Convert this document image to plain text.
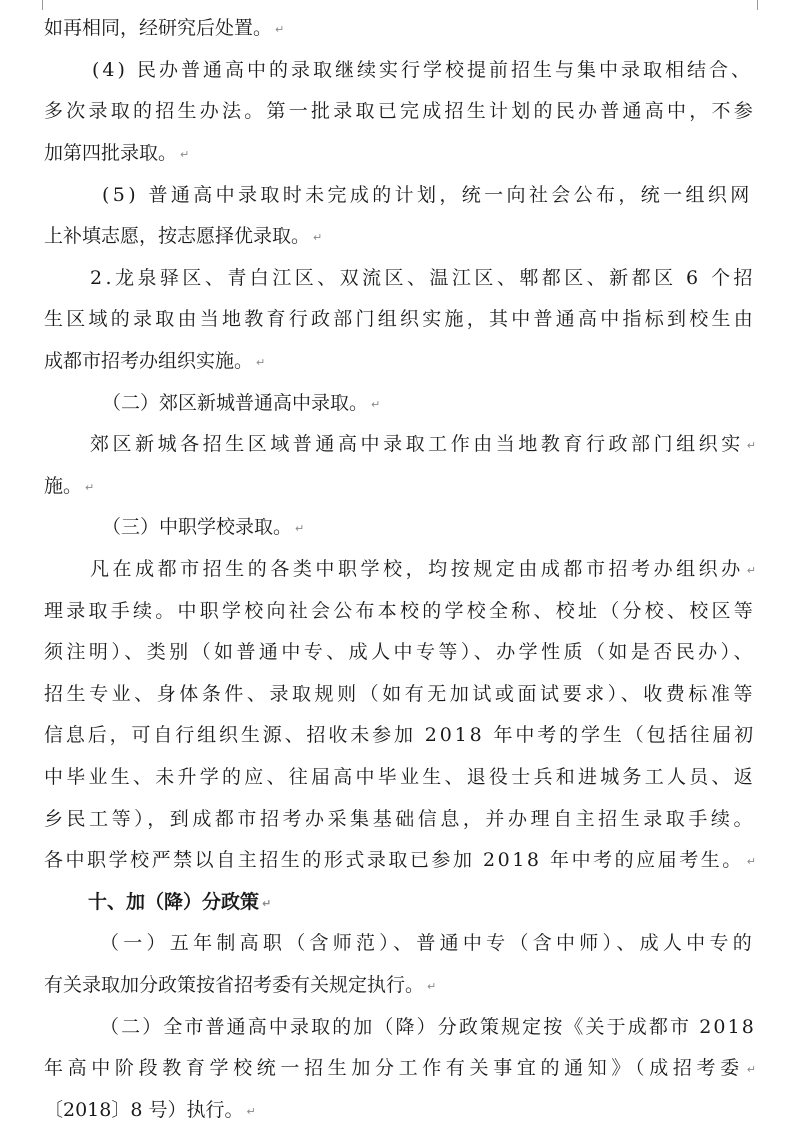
如再相同，经研究后处置。 ↵
(4) 民办普通高中的录取继续实行学校提前招生与集中录取相结合、
多次录取的招生办法。第一批录取已完成招生计划的民办普通高中，不参
加第四批录取。 ↵
(5) 普通高中录取时未完成的计划，统一向社会公布，统一组织网
上补填志愿，按志愿择优录取。 ↵
2.龙泉驿区、青白江区、双流区、温江区、郫都区、新都区 6 个招
生区域的录取由当地教育行政部门组织实施，其中普通高中指标到校生由
成都市招考办组织实施。 ↵
（二）郊区新城普通高中录取。 ↵
郊区新城各招生区域普通高中录取工作由当地教育行政部门组织实 ↵
施。 ↵
（三）中职学校录取。 ↵
凡在成都市招生的各类中职学校，均按规定由成都市招考办组织办 ↵
理录取手续。中职学校向社会公布本校的学校全称、校址（分校、校区等
须注明）、类别（如普通中专、成人中专等）、办学性质（如是否民办）、
招生专业、身体条件、录取规则（如有无加试或面试要求）、收费标准等
信息后，可自行组织生源、招收未参加 2018 年中考的学生（包括往届初
中毕业生、未升学的应、往届高中毕业生、退役士兵和进城务工人员、返
乡民工等），到成都市招考办采集基础信息，并办理自主招生录取手续。
各中职学校严禁以自主招生的形式录取已参加 2018 年中考的应届考生。 ↵
十、加（降）分政策 ↵
（一）五年制高职（含师范）、普通中专（含中师）、成人中专的
有关录取加分政策按省招考委有关规定执行。 ↵
（二）全市普通高中录取的加（降）分政策规定按《关于成都市 2018
年高中阶段教育学校统一招生加分工作有关事宜的通知》（成招考委 ↵
〔2018〕8 号）执行。 ↵
